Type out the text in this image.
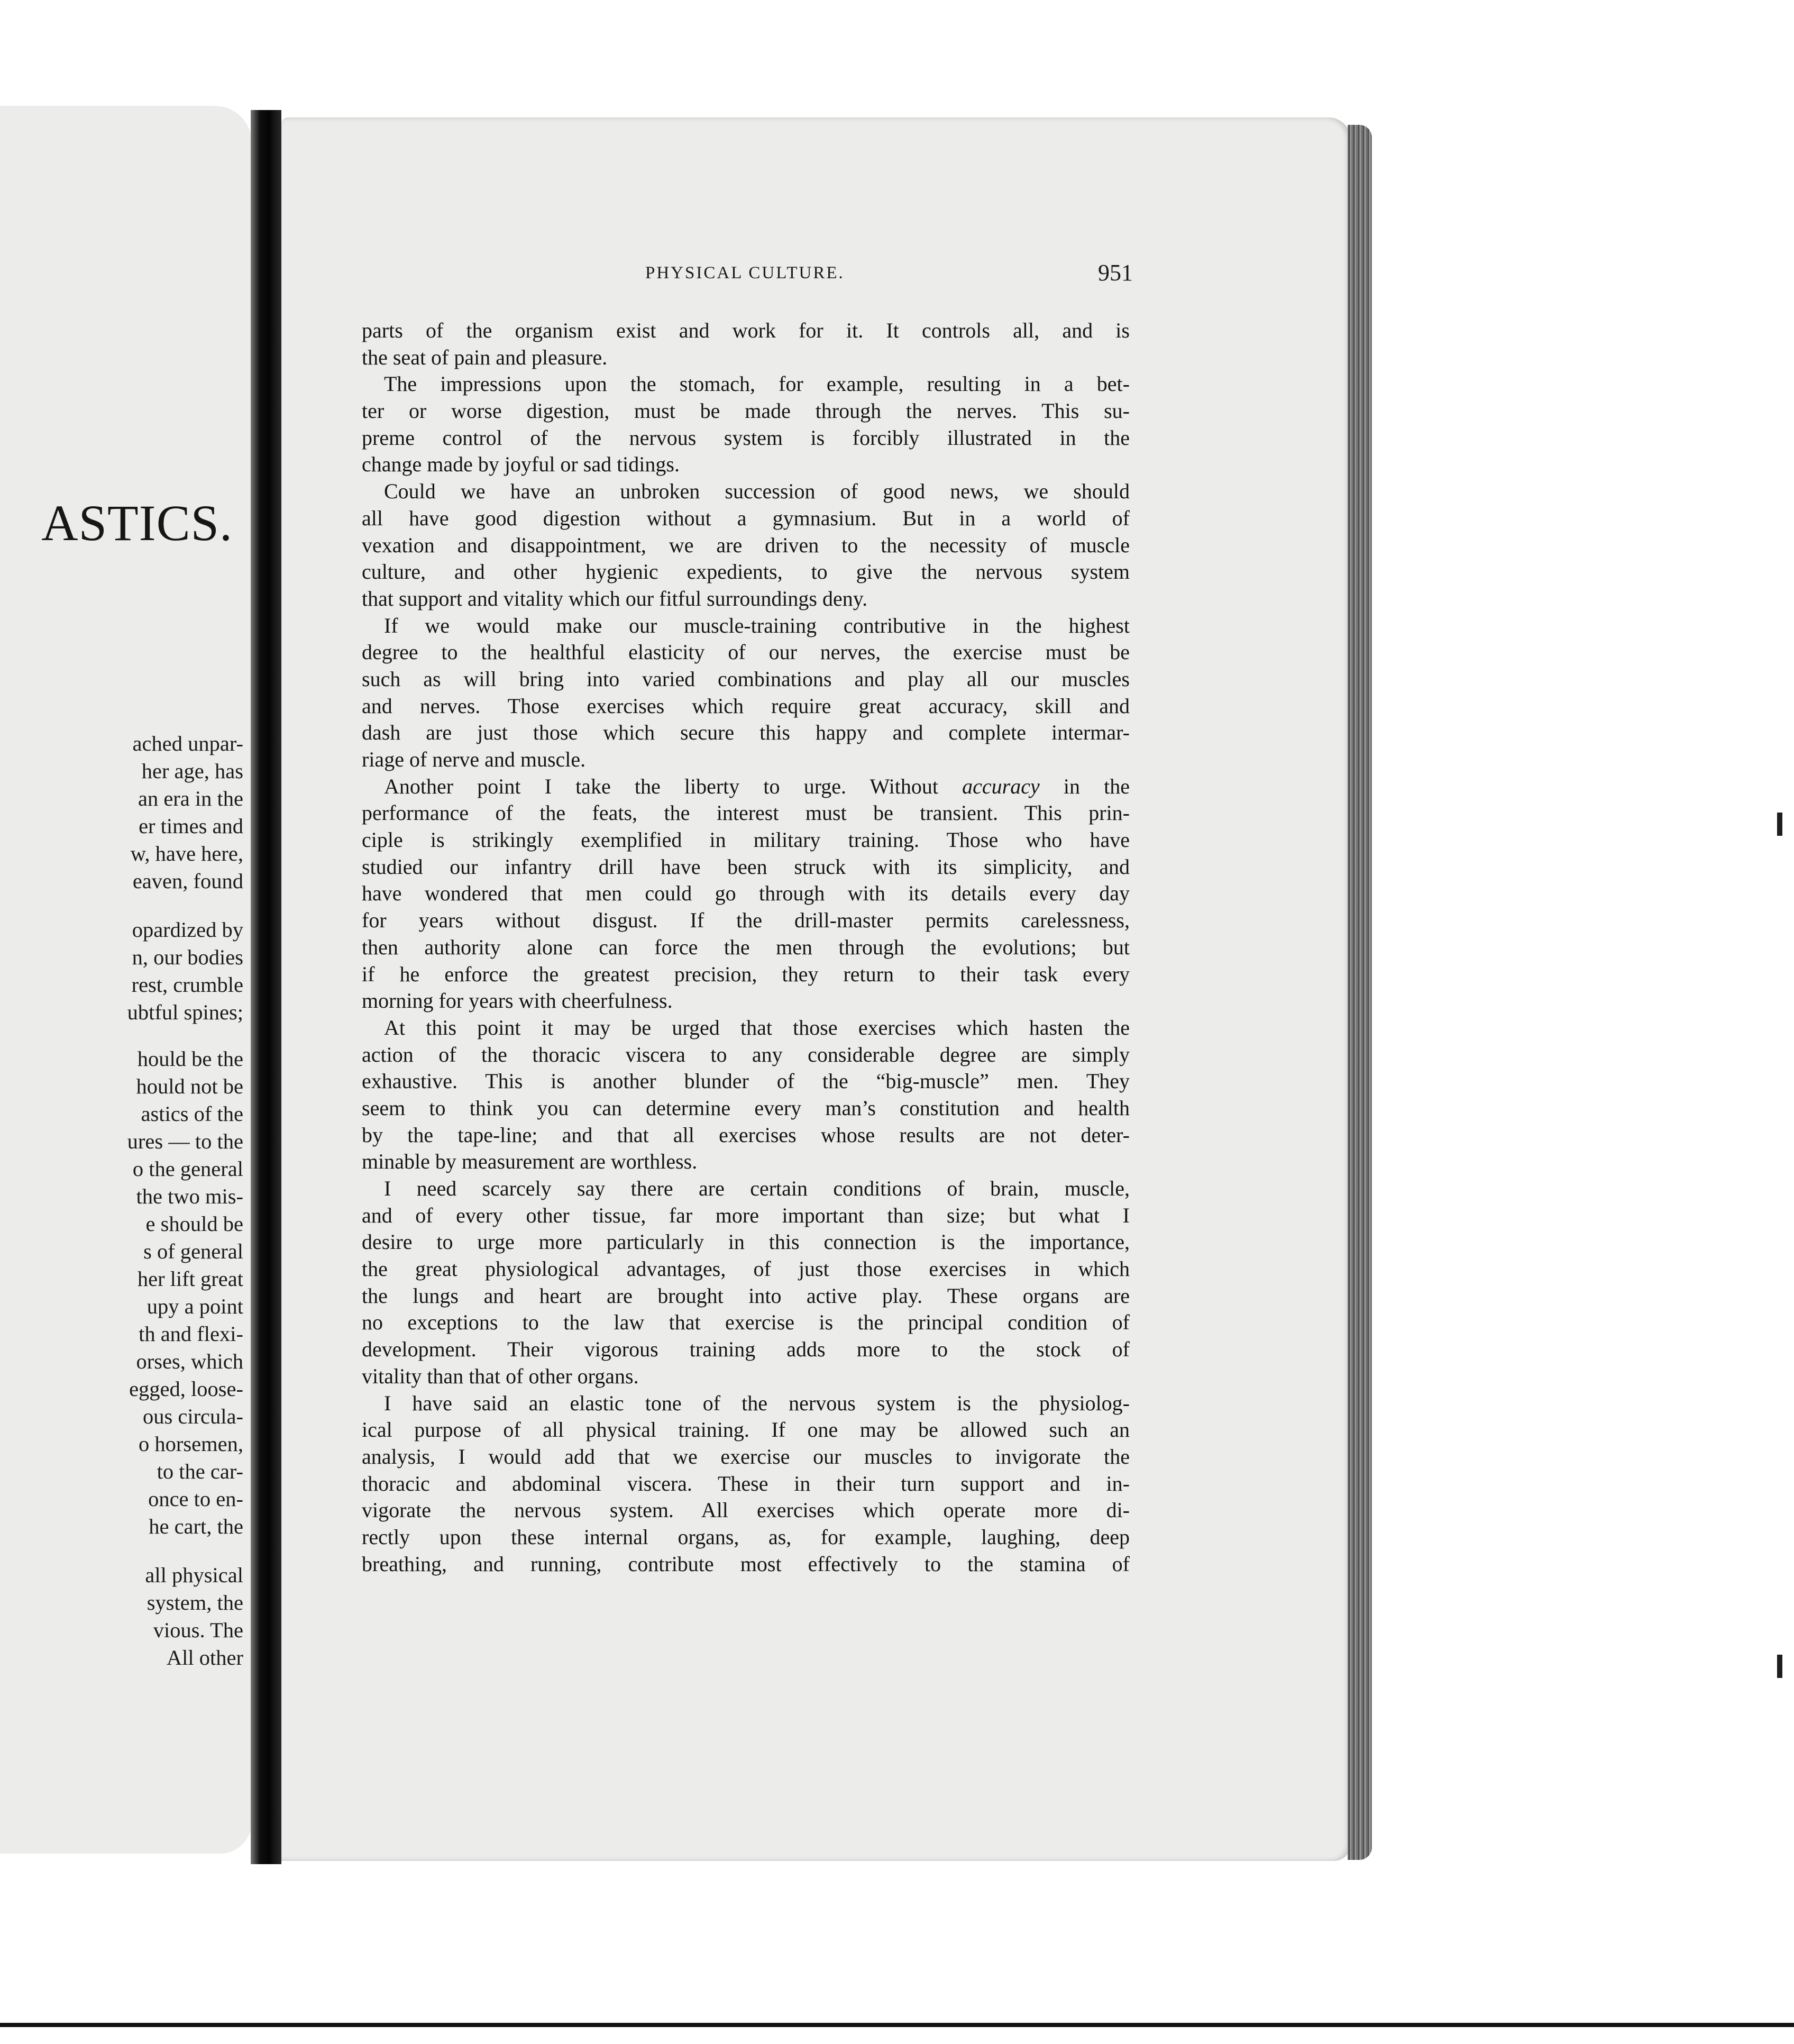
ASTICS.
ached unpar-
her age, has
an era in the
er times and
w, have here,
eaven, found
opardized by
n, our bodies
rest, crumble
ubtful spines;
hould be the
hould not be
astics of the
ures — to the
o the general
the two mis-
e should be
s of general
her lift great
upy a point
th and flexi-
orses, which
egged, loose-
ous circula-
o horsemen,
to the car-
once to en-
he cart, the
all physical
system, the
vious. The
All other
PHYSICAL CULTURE.	951
parts of the organism exist and work for it. It controls all, and is
the seat of pain and pleasure.
The impressions upon the stomach, for example, resulting in a bet-
ter or worse digestion, must be made through the nerves. This su-
preme control of the nervous system is forcibly illustrated in the
change made by joyful or sad tidings.
Could we have an unbroken succession of good news, we should
all have good digestion without a gymnasium. But in a world of
vexation and disappointment, we are driven to the necessity of muscle
culture, and other hygienic expedients, to give the nervous system
that support and vitality which our fitful surroundings deny.
If we would make our muscle-training contributive in the highest
degree to the healthful elasticity of our nerves, the exercise must be
such as will bring into varied combinations and play all our muscles
and nerves. Those exercises which require great accuracy, skill and
dash are just those which secure this happy and complete intermar-
riage of nerve and muscle.
Another point I take the liberty to urge. Without accuracy in the
performance of the feats, the interest must be transient. This prin-
ciple is strikingly exemplified in military training. Those who have
studied our infantry drill have been struck with its simplicity, and
have wondered that men could go through with its details every day
for years without disgust. If the drill-master permits carelessness,
then authority alone can force the men through the evolutions; but
if he enforce the greatest precision, they return to their task every
morning for years with cheerfulness.
At this point it may be urged that those exercises which hasten the
action of the thoracic viscera to any considerable degree are simply
exhaustive. This is another blunder of the “big-muscle” men. They
seem to think you can determine every man’s constitution and health
by the tape-line; and that all exercises whose results are not deter-
minable by measurement are worthless.
I need scarcely say there are certain conditions of brain, muscle,
and of every other tissue, far more important than size; but what I
desire to urge more particularly in this connection is the importance,
the great physiological advantages, of just those exercises in which
the lungs and heart are brought into active play. These organs are
no exceptions to the law that exercise is the principal condition of
development. Their vigorous training adds more to the stock of
vitality than that of other organs.
I have said an elastic tone of the nervous system is the physiolog-
ical purpose of all physical training. If one may be allowed such an
analysis, I would add that we exercise our muscles to invigorate the
thoracic and abdominal viscera. These in their turn support and in-
vigorate the nervous system. All exercises which operate more di-
rectly upon these internal organs, as, for example, laughing, deep
breathing, and running, contribute most effectively to the stamina of
